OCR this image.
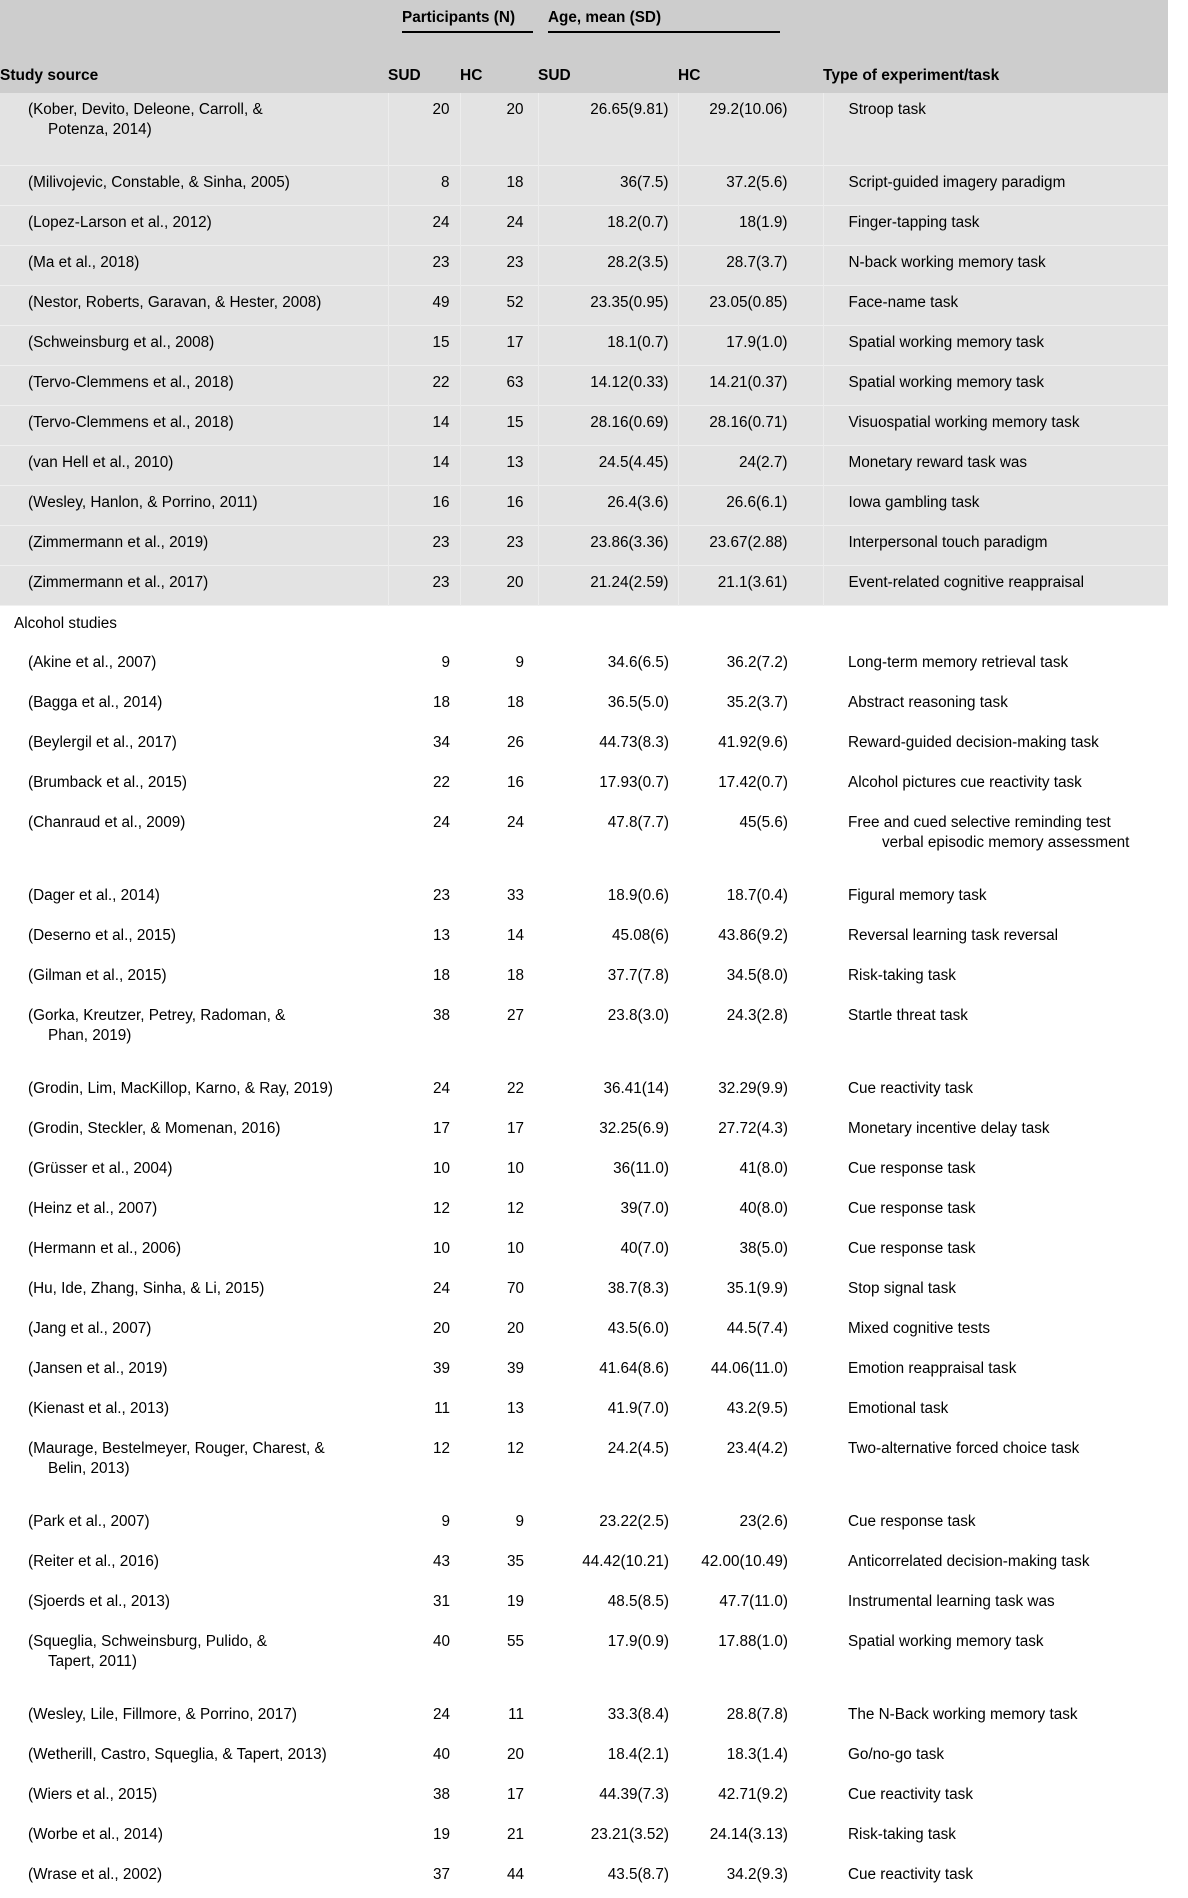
	Participants (N)		Age, mean (SD)	

Study source	SUD	HC	SUD	HC	Type of experiment/task
(Kober, Devito, Deleone, Carroll, &
Potenza, 2014)	20	20	26.65(9.81)	29.2(10.06)	Stroop task
(Milivojevic, Constable, & Sinha, 2005)	8	18	36(7.5)	37.2(5.6)	Script-guided imagery paradigm
(Lopez-Larson et al., 2012)	24	24	18.2(0.7)	18(1.9)	Finger-tapping task
(Ma et al., 2018)	23	23	28.2(3.5)	28.7(3.7)	N-back working memory task
(Nestor, Roberts, Garavan, & Hester, 2008)	49	52	23.35(0.95)	23.05(0.85)	Face-name task
(Schweinsburg et al., 2008)	15	17	18.1(0.7)	17.9(1.0)	Spatial working memory task
(Tervo-Clemmens et al., 2018)	22	63	14.12(0.33)	14.21(0.37)	Spatial working memory task
(Tervo-Clemmens et al., 2018)	14	15	28.16(0.69)	28.16(0.71)	Visuospatial working memory task
(van Hell et al., 2010)	14	13	24.5(4.45)	24(2.7)	Monetary reward task was
(Wesley, Hanlon, & Porrino, 2011)	16	16	26.4(3.6)	26.6(6.1)	Iowa gambling task
(Zimmermann et al., 2019)	23	23	23.86(3.36)	23.67(2.88)	Interpersonal touch paradigm
(Zimmermann et al., 2017)	23	20	21.24(2.59)	21.1(3.61)	Event-related cognitive reappraisal
Alcohol studies					
(Akine et al., 2007)	9	9	34.6(6.5)	36.2(7.2)	Long-term memory retrieval task
(Bagga et al., 2014)	18	18	36.5(5.0)	35.2(3.7)	Abstract reasoning task
(Beylergil et al., 2017)	34	26	44.73(8.3)	41.92(9.6)	Reward-guided decision-making task
(Brumback et al., 2015)	22	16	17.93(0.7)	17.42(0.7)	Alcohol pictures cue reactivity task
(Chanraud et al., 2009)	24	24	47.8(7.7)	45(5.6)	Free and cued selective reminding test
verbal episodic memory assessment

(Dager et al., 2014)	23	33	18.9(0.6)	18.7(0.4)	Figural memory task
(Deserno et al., 2015)	13	14	45.08(6)	43.86(9.2)	Reversal learning task reversal
(Gilman et al., 2015)	18	18	37.7(7.8)	34.5(8.0)	Risk-taking task
(Gorka, Kreutzer, Petrey, Radoman, &
Phan, 2019)	38	27	23.8(3.0)	24.3(2.8)	Startle threat task
(Grodin, Lim, MacKillop, Karno, & Ray, 2019)	24	22	36.41(14)	32.29(9.9)	Cue reactivity task
(Grodin, Steckler, & Momenan, 2016)	17	17	32.25(6.9)	27.72(4.3)	Monetary incentive delay task
(Grüsser et al., 2004)	10	10	36(11.0)	41(8.0)	Cue response task
(Heinz et al., 2007)	12	12	39(7.0)	40(8.0)	Cue response task
(Hermann et al., 2006)	10	10	40(7.0)	38(5.0)	Cue response task
(Hu, Ide, Zhang, Sinha, & Li, 2015)	24	70	38.7(8.3)	35.1(9.9)	Stop signal task
(Jang et al., 2007)	20	20	43.5(6.0)	44.5(7.4)	Mixed cognitive tests
(Jansen et al., 2019)	39	39	41.64(8.6)	44.06(11.0)	Emotion reappraisal task
(Kienast et al., 2013)	11	13	41.9(7.0)	43.2(9.5)	Emotional task
(Maurage, Bestelmeyer, Rouger, Charest, &
Belin, 2013)	12	12	24.2(4.5)	23.4(4.2)	Two-alternative forced choice task
(Park et al., 2007)	9	9	23.22(2.5)	23(2.6)	Cue response task
(Reiter et al., 2016)	43	35	44.42(10.21)	42.00(10.49)	Anticorrelated decision-making task
(Sjoerds et al., 2013)	31	19	48.5(8.5)	47.7(11.0)	Instrumental learning task was
(Squeglia, Schweinsburg, Pulido, &
Tapert, 2011)	40	55	17.9(0.9)	17.88(1.0)	Spatial working memory task
(Wesley, Lile, Fillmore, & Porrino, 2017)	24	11	33.3(8.4)	28.8(7.8)	The N-Back working memory task
(Wetherill, Castro, Squeglia, & Tapert, 2013)	40	20	18.4(2.1)	18.3(1.4)	Go/no-go task
(Wiers et al., 2015)	38	17	44.39(7.3)	42.71(9.2)	Cue reactivity task
(Worbe et al., 2014)	19	21	23.21(3.52)	24.14(3.13)	Risk-taking task
(Wrase et al., 2002)	37	44	43.5(8.7)	34.2(9.3)	Cue reactivity task
